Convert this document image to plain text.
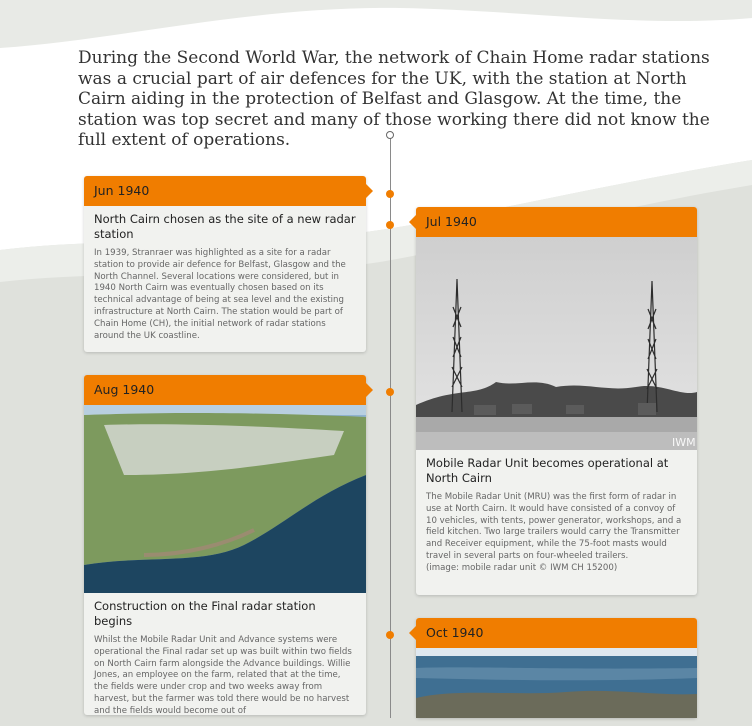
During the Second World War, the network of Chain Home radar stations was a crucial part of air defences for the UK, with the station at North Cairn aiding in the protection of Belfast and Glasgow. At the time, the station was top secret and many of those working there did not know the full extent of operations.
Jun 1940
North Cairn chosen as the site of a new radar station
In 1939, Stranraer was highlighted as a site for a radar station to provide air defence for Belfast, Glasgow and the North Channel. Several locations were considered, but in 1940 North Cairn was eventually chosen based on its technical advantage of being at sea level and the existing infrastructure at North Cairn. The station would be part of Chain Home (CH), the initial network of radar stations around the UK coastline.
Jul 1940
IWM
Mobile Radar Unit becomes operational at North Cairn
The Mobile Radar Unit (MRU) was the first form of radar in use at North Cairn. It would have consisted of a convoy of 10 vehicles, with tents, power generator, workshops, and a field kitchen. Two large trailers would carry the Transmitter and Receiver equipment, while the 75-foot masts would travel in several parts on four-wheeled trailers.
(image: mobile radar unit © IWM CH 15200)
Aug 1940
Construction on the Final radar station begins
Whilst the Mobile Radar Unit and Advance systems were operational the Final radar set up was built within two fields on North Cairn farm alongside the Advance buildings. Willie Jones, an employee on the farm, related that at the time, the fields were under crop and two weeks away from harvest, but the farmer was told there would be no harvest and the fields would become out of
Oct 1940
